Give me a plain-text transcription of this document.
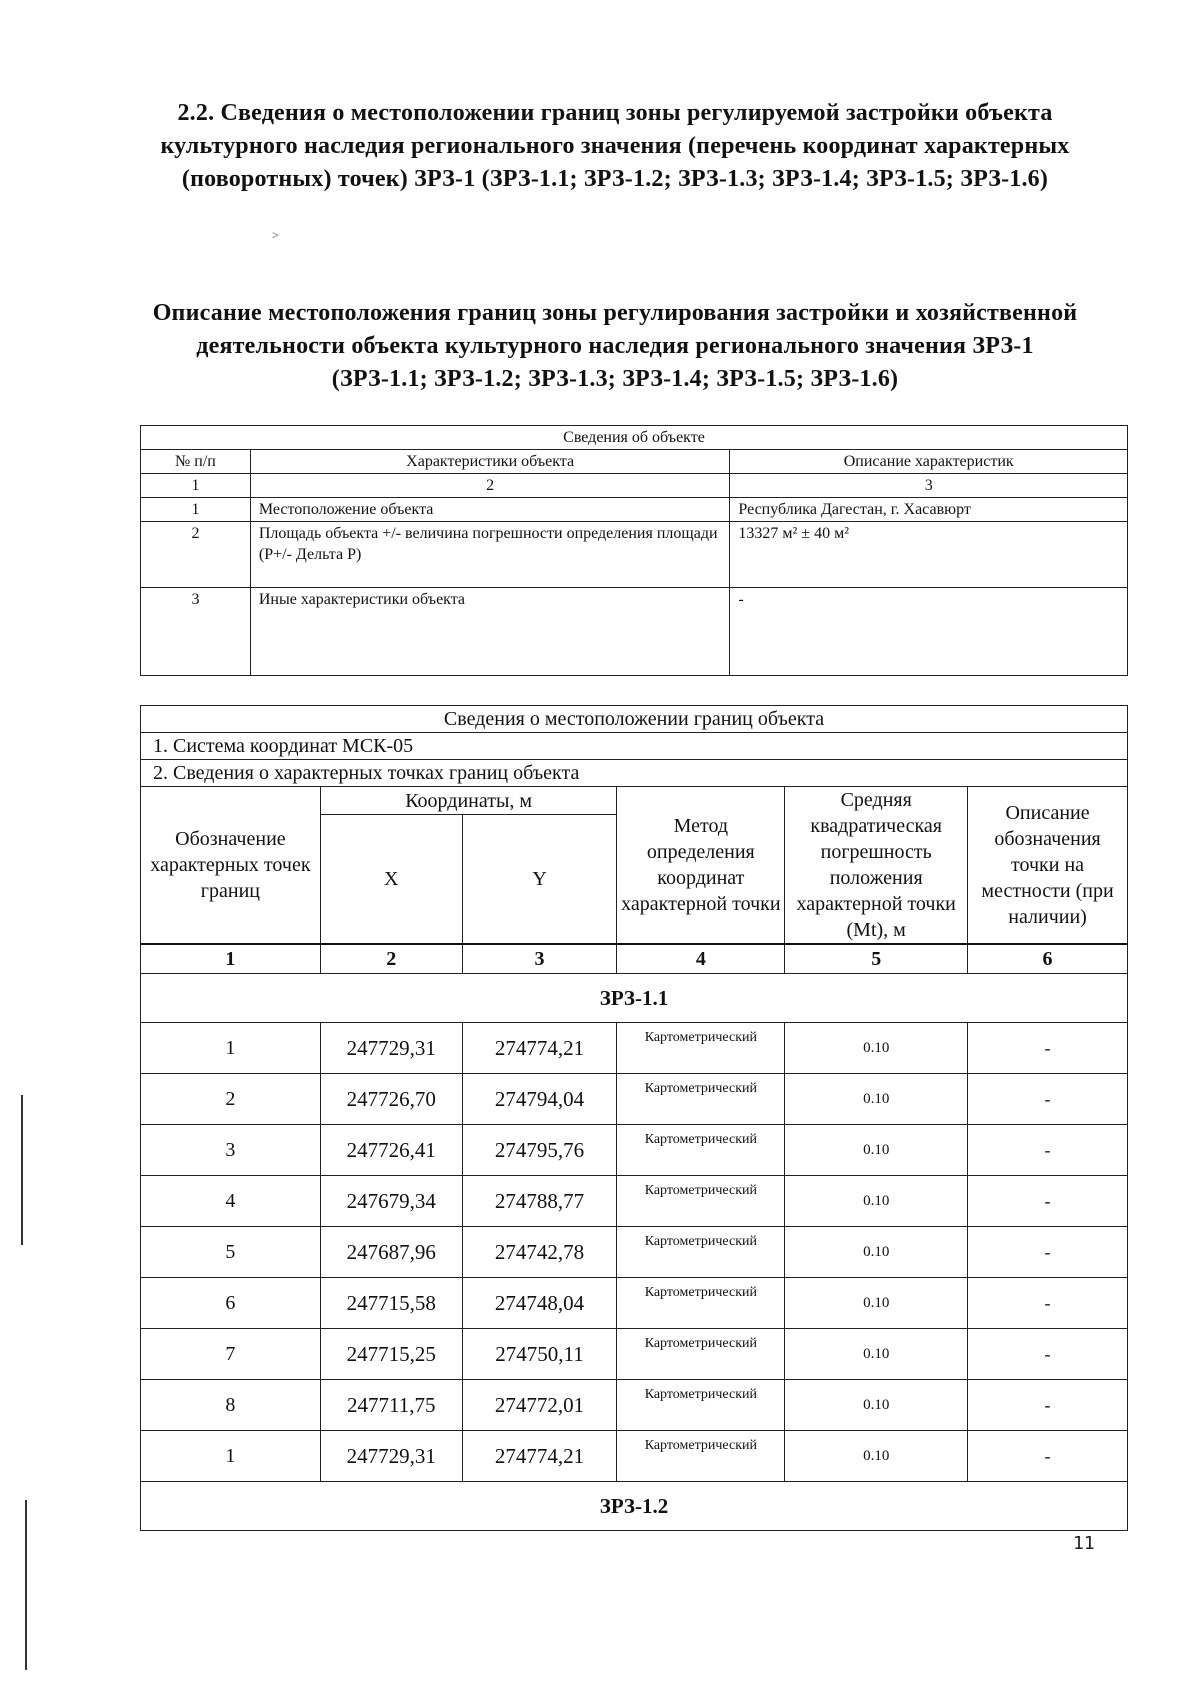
2.2. Сведения о местоположении границ зоны регулируемой застройки объекта культурного наследия регионального значения (перечень координат характерных (поворотных) точек) ЗРЗ-1 (ЗРЗ-1.1; ЗРЗ-1.2; ЗРЗ-1.3; ЗРЗ-1.4; ЗРЗ-1.5; ЗРЗ-1.6)
˃
Описание местоположения границ зоны регулирования застройки и хозяйственной деятельности объекта культурного наследия регионального значения ЗРЗ-1 (ЗРЗ-1.1; ЗРЗ-1.2; ЗРЗ-1.3; ЗРЗ-1.4; ЗРЗ-1.5; ЗРЗ-1.6)
Сведения об объекте		
№ п/п	Характеристики объекта	Описание характеристик
1	2	3
1	Местоположение объекта	Республика Дагестан, г. Хасавюрт
2	Площадь объекта +/- величина погрешности определения площади (Р+/- Дельта Р)	13327 м² ± 40 м²
3	Иные характеристики объекта	-
Сведения о местоположении границ объекта					
1. Система координат МСК-05					
2. Сведения о характерных точках границ объекта					
Обозначение характерных точек границ	Координаты, м		Метод определения координат характерной точки	Средняя квадратическая погрешность положения характерной точки (Mt), м	Описание обозначения точки на местности (при наличии)
	X	Y			
1	2	3	4	5	6
ЗРЗ-1.1					
1	247729,31	274774,21	Картометрический	0.10	-
2	247726,70	274794,04	Картометрический	0.10	-
3	247726,41	274795,76	Картометрический	0.10	-
4	247679,34	274788,77	Картометрический	0.10	-
5	247687,96	274742,78	Картометрический	0.10	-
6	247715,58	274748,04	Картометрический	0.10	-
7	247715,25	274750,11	Картометрический	0.10	-
8	247711,75	274772,01	Картометрический	0.10	-
1	247729,31	274774,21	Картометрический	0.10	-
ЗРЗ-1.2					
11
